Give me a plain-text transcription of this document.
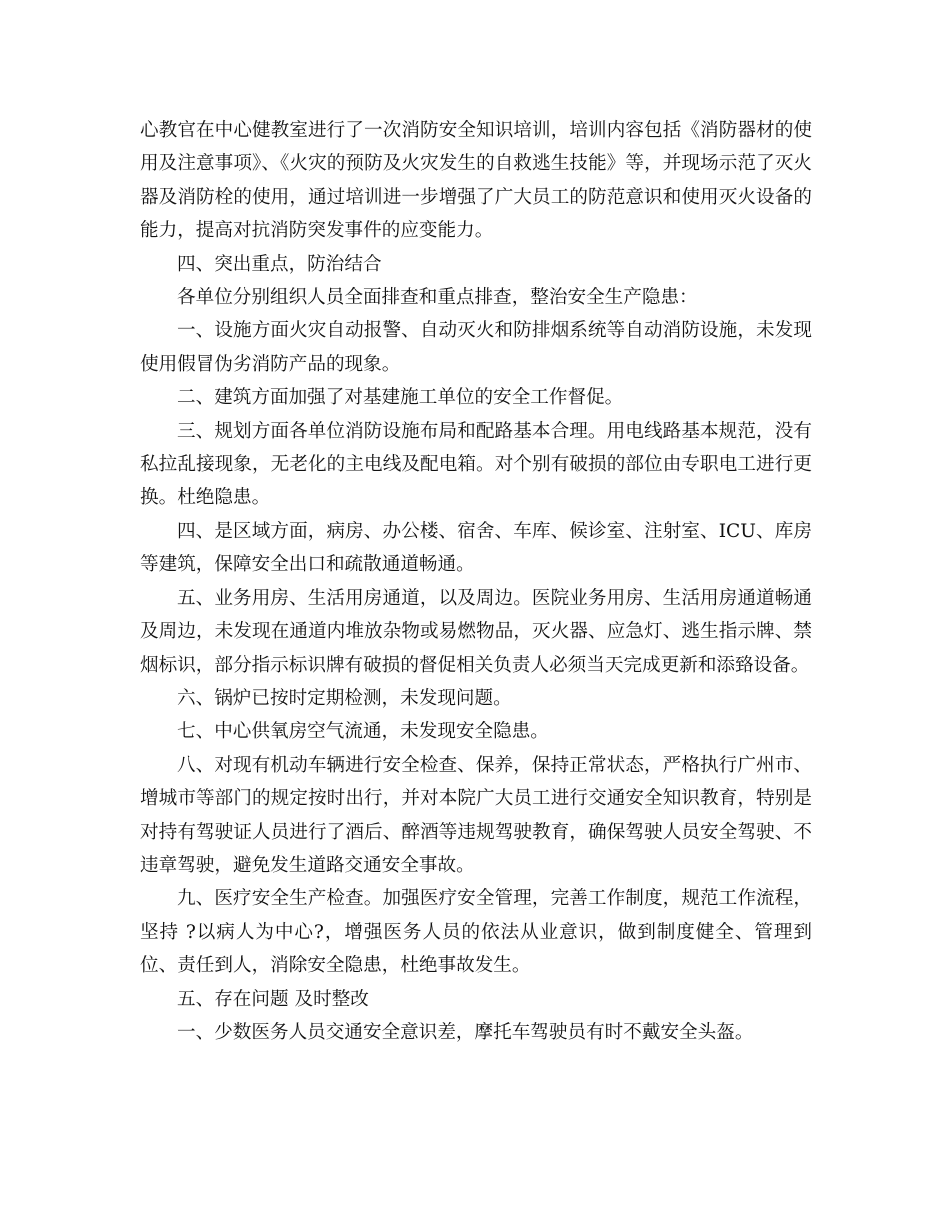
心教官在中心健教室进行了一次消防安全知识培训，培训内容包括《消防器材的使用及注意事项》、《火灾的预防及火灾发生的自救逃生技能》等，并现场示范了灭火器及消防栓的使用，通过培训进一步增强了广大员工的防范意识和使用灭火设备的能力，提高对抗消防突发事件的应变能力。

四、突出重点，防治结合

各单位分别组织人员全面排查和重点排查，整治安全生产隐患：

一、设施方面火灾自动报警、自动灭火和防排烟系统等自动消防设施，未发现使用假冒伪劣消防产品的现象。

二、建筑方面加强了对基建施工单位的安全工作督促。

三、规划方面各单位消防设施布局和配路基本合理。用电线路基本规范，没有私拉乱接现象，无老化的主电线及配电箱。对个别有破损的部位由专职电工进行更换。杜绝隐患。

四、是区域方面，病房、办公楼、宿舍、车库、候诊室、注射室、ICU、库房等建筑，保障安全出口和疏散通道畅通。

五、业务用房、生活用房通道，以及周边。医院业务用房、生活用房通道畅通及周边，未发现在通道内堆放杂物或易燃物品，灭火器、应急灯、逃生指示牌、禁烟标识，部分指示标识牌有破损的督促相关负责人必须当天完成更新和添臵设备。

六、锅炉已按时定期检测，未发现问题。

七、中心供氧房空气流通，未发现安全隐患。

八、对现有机动车辆进行安全检查、保养，保持正常状态，严格执行广州市、增城市等部门的规定按时出行，并对本院广大员工进行交通安全知识教育，特别是对持有驾驶证人员进行了酒后、醉酒等违规驾驶教育，确保驾驶人员安全驾驶、不违章驾驶，避免发生道路交通安全事故。

九、医疗安全生产检查。加强医疗安全管理，完善工作制度，规范工作流程，坚持 ?以病人为中心?，增强医务人员的依法从业意识，做到制度健全、管理到位、责任到人，消除安全隐患，杜绝事故发生。

五、存在问题 及时整改

一、少数医务人员交通安全意识差，摩托车驾驶员有时不戴安全头盔。
